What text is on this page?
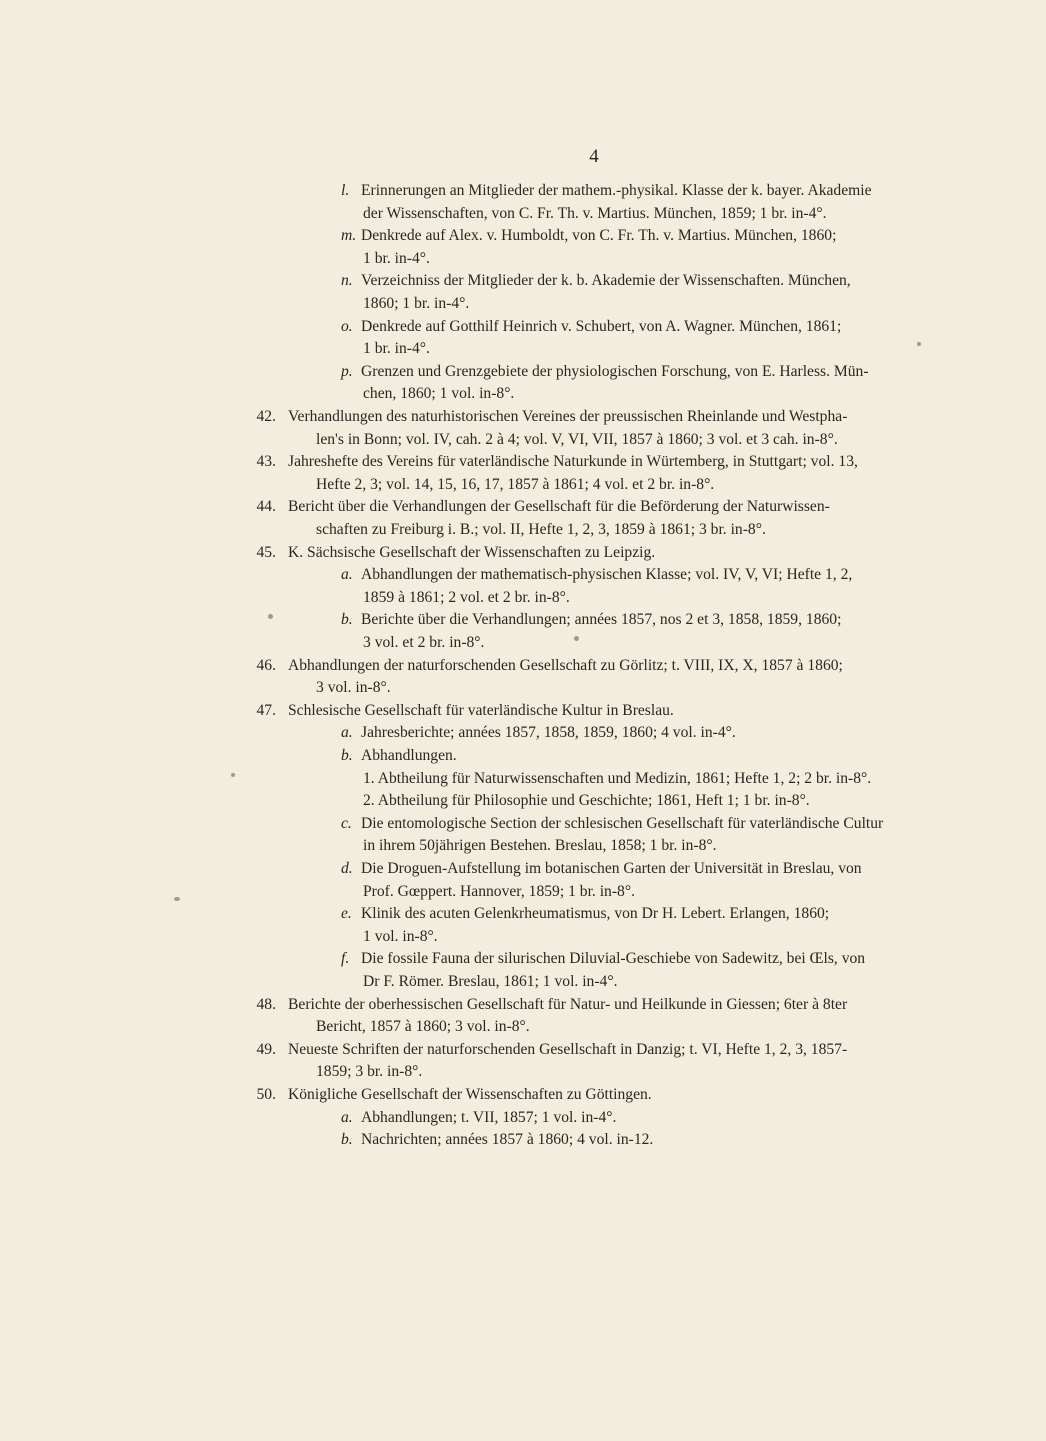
4
l. Erinnerungen an Mitglieder der mathem.-physikal. Klasse der k. bayer. Akademie
der Wissenschaften, von C. Fr. Th. v. Martius. München, 1859; 1 br. in-4°.
m. Denkrede auf Alex. v. Humboldt, von C. Fr. Th. v. Martius. München, 1860;
1 br. in-4°.
n. Verzeichniss der Mitglieder der k. b. Akademie der Wissenschaften. München,
1860; 1 br. in-4°.
o. Denkrede auf Gotthilf Heinrich v. Schubert, von A. Wagner. München, 1861;
1 br. in-4°.
p. Grenzen und Grenzgebiete der physiologischen Forschung, von E. Harless. Mün-
chen, 1860; 1 vol. in-8°.
42. Verhandlungen des naturhistorischen Vereines der preussischen Rheinlande und Westpha-
len's in Bonn; vol. IV, cah. 2 à 4; vol. V, VI, VII, 1857 à 1860; 3 vol. et 3 cah. in-8°.
43. Jahreshefte des Vereins für vaterländische Naturkunde in Würtemberg, in Stuttgart; vol. 13,
Hefte 2, 3; vol. 14, 15, 16, 17, 1857 à 1861; 4 vol. et 2 br. in-8°.
44. Bericht über die Verhandlungen der Gesellschaft für die Beförderung der Naturwissen-
schaften zu Freiburg i. B.; vol. II, Hefte 1, 2, 3, 1859 à 1861; 3 br. in-8°.
45. K. Sächsische Gesellschaft der Wissenschaften zu Leipzig.
a. Abhandlungen der mathematisch-physischen Klasse; vol. IV, V, VI; Hefte 1, 2,
1859 à 1861; 2 vol. et 2 br. in-8°.
b. Berichte über die Verhandlungen; années 1857, nos 2 et 3, 1858, 1859, 1860;
3 vol. et 2 br. in-8°.
46. Abhandlungen der naturforschenden Gesellschaft zu Görlitz; t. VIII, IX, X, 1857 à 1860;
3 vol. in-8°.
47. Schlesische Gesellschaft für vaterländische Kultur in Breslau.
a. Jahresberichte; années 1857, 1858, 1859, 1860; 4 vol. in-4°.
b. Abhandlungen.
1. Abtheilung für Naturwissenschaften und Medizin, 1861; Hefte 1, 2; 2 br. in-8°.
2. Abtheilung für Philosophie und Geschichte; 1861, Heft 1; 1 br. in-8°.
c. Die entomologische Section der schlesischen Gesellschaft für vaterländische Cultur
in ihrem 50jährigen Bestehen. Breslau, 1858; 1 br. in-8°.
d. Die Droguen-Aufstellung im botanischen Garten der Universität in Breslau, von
Prof. Gœppert. Hannover, 1859; 1 br. in-8°.
e. Klinik des acuten Gelenkrheumatismus, von Dr H. Lebert. Erlangen, 1860;
1 vol. in-8°.
f. Die fossile Fauna der silurischen Diluvial-Geschiebe von Sadewitz, bei Œls, von
Dr F. Römer. Breslau, 1861; 1 vol. in-4°.
48. Berichte der oberhessischen Gesellschaft für Natur- und Heilkunde in Giessen; 6ter à 8ter
Bericht, 1857 à 1860; 3 vol. in-8°.
49. Neueste Schriften der naturforschenden Gesellschaft in Danzig; t. VI, Hefte 1, 2, 3, 1857-
1859; 3 br. in-8°.
50. Königliche Gesellschaft der Wissenschaften zu Göttingen.
a. Abhandlungen; t. VII, 1857; 1 vol. in-4°.
b. Nachrichten; années 1857 à 1860; 4 vol. in-12.
